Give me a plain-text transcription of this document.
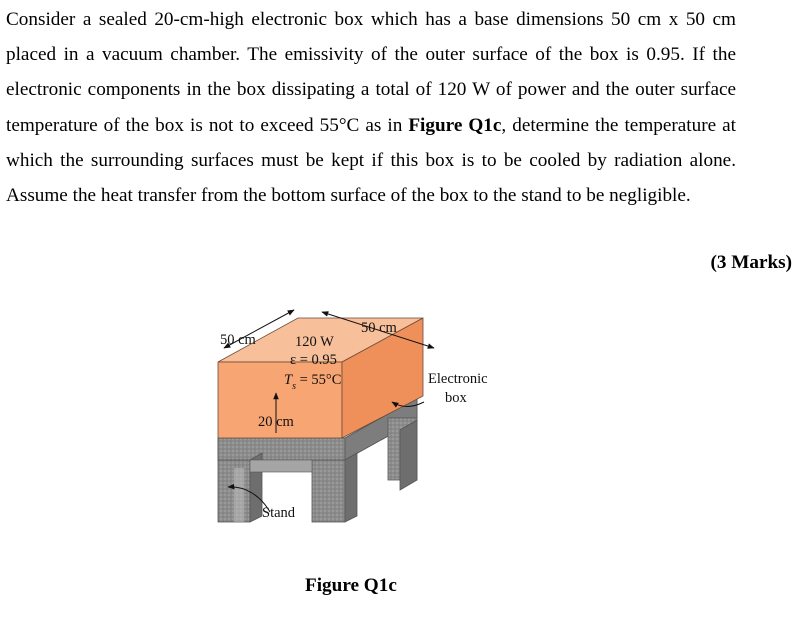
Consider a sealed 20-cm-high electronic box which has a base dimensions 50 cm x 50 cm placed in a vacuum chamber. The emissivity of the outer surface of the box is 0.95. If the electronic components in the box dissipating a total of 120 W of power and the outer surface temperature of the box is not to exceed 55°C as in Figure Q1c, determine the temperature at which the surrounding surfaces must be kept if this box is to be cooled by radiation alone. Assume the heat transfer from the bottom surface of the box to the stand to be negligible.

(3 Marks)
50 cm
50 cm
120 W
ε = 0.95
$T_s = 55^\circ C$
20 cm
Electronic
box
Stand
Figure Q1c
